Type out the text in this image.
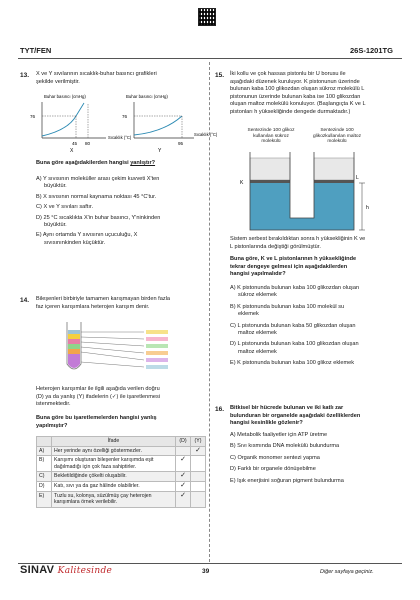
TYT/FEN	26S-1201TG
13. X ve Y sıvılarının sıcaklık-buhar basıncı grafikleri
şekilde verilmiştir.
Buhar basıncı (cmHg)
76
45 80
Sıcaklık (°C)
X
Buhar basıncı (cmHg)
76
95
Sıcaklık (°C)
Y
Buna göre aşağıdakilerden hangisi yanlıştır?
A) Y sıvısının moleküller arası çekim kuvveti X'ten
büyüktür.
B) X sıvısının normal kaynama noktası 45 °C'tur.
C) X ve Y sıvıları saftır.
D) 25 °C sıcaklıkta X'in buhar basıncı, Y'ninkinden
büyüktür.
E) Aynı ortamda Y sıvısının uçuculuğu, X
sıvısınınkinden küçüktür.
14. Bileşenleri birbiriyle tamamen karışmayan birden fazla
faz içeren karışımlara heterojen karışım denir.
Heterojen karışımlar ile ilgili aşağıda verilen doğru
(D) ya da yanlış (Y) ifadelerin (✓) ile işaretlenmesi
istenmektedir.
Buna göre bu işaretlemelerden hangisi yanlış
yapılmıştır?
	İfade	(D)	(Y)
A)	Her yerinde aynı özelliği göstermezler.		✓
B)	Karışımı oluşturan bileşenler karışımda eşit dağılmadığı için çok faza sahiptirler.	✓	
C)	Bekletildiğinde çökelti oluşabilir.	✓	
D)	Katı, sıvı ya da gaz hâlinde olabilirler.	✓	
E)	Tuzlu su, kolonya, süzülmüş çay heterojen karışımlara örnek verilebilir.	✓	
15. İki kollu ve çok hassas pistonlu bir U borusu ile
aşağıdaki düzenek kuruluyor. K pistonunun üzerinde
bulunan kaba 100 glikozdan oluşan sükroz molekülü L
pistonunun üzerinde bulunan kaba ise 100 glikozdan
oluşan maltoz molekülü konuluyor. (Başlangıçta K ve L
pistonları h yüksekliğinde dengede durmaktadır.)
Sentezinde 100 glikoz kullanılan sükroz molekülü
Sentezinde 100 glikozkullanılan maltoz molekülü
K
L
h
Sistem serbest bırakıldıktan sonra h yüksekliğinin K ve
L pistonlarında değiştiği görülmüştür.
Buna göre, K ve L pistonlarının h yüksekliğinde
tekrar dengeye gelmesi için aşağıdakilerden
hangisi yapılmalıdır?
A) K pistonunda bulunan kaba 100 glikozdan oluşan
sükroz eklemek
B) K pistonunda bulunan kaba 100 molekül su
eklemek
C) L pistonunda bulunan kaba 50 glikozdan oluşan
maltoz eklemek
D) L pistonunda bulunan kaba 100 glikozdan oluşan
maltoz eklemek
E) K pistonunda bulunan kaba 100 glikoz eklemek
16. Bitkisel bir hücrede bulunan ve iki katlı zar
bulunduran bir organelde aşağıdaki özelliklerden
hangisi kesinlikle gözlenir?
A) Metabolik faaliyetler için ATP üretme
B) Sıvı kısmında DNA molekülü bulundurma
C) Organik monomer sentezi yapma
D) Farklı bir organele dönüşebilme
E) Işık enerjisini soğuran pigment bulundurma
SINAV Kalitesinde	39	Diğer sayfaya geçiniz.
